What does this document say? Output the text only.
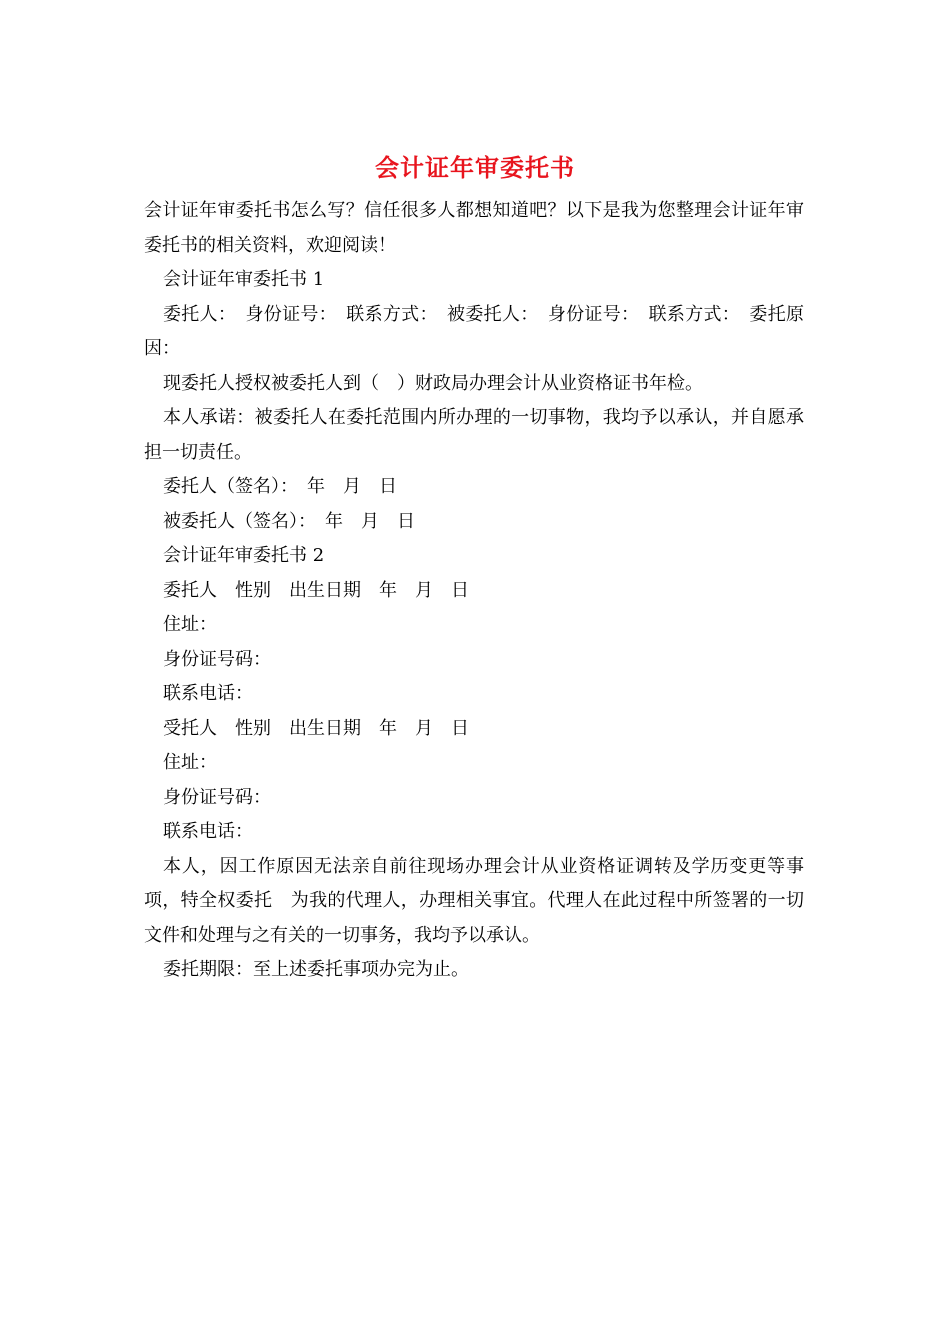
会计证年审委托书

会计证年审委托书怎么写？信任很多人都想知道吧？以下是我为您整理会计证年审委托书的相关资料，欢迎阅读！

会计证年审委托书 1

委托人：　身份证号：　联系方式：　被委托人：　身份证号：　联系方式：　委托原因：

现委托人授权被委托人到（　）财政局办理会计从业资格证书年检。

本人承诺：被委托人在委托范围内所办理的一切事物，我均予以承认，并自愿承担一切责任。

委托人（签名）：　年　月　日

被委托人（签名）：　年　月　日

会计证年审委托书 2

委托人　性别　出生日期　年　月　日

住址：

身份证号码：

联系电话：

受托人　性别　出生日期　年　月　日

住址：

身份证号码：

联系电话：

本人，因工作原因无法亲自前往现场办理会计从业资格证调转及学历变更等事项，特全权委托　为我的代理人，办理相关事宜。代理人在此过程中所签署的一切文件和处理与之有关的一切事务，我均予以承认。

委托期限：至上述委托事项办完为止。
